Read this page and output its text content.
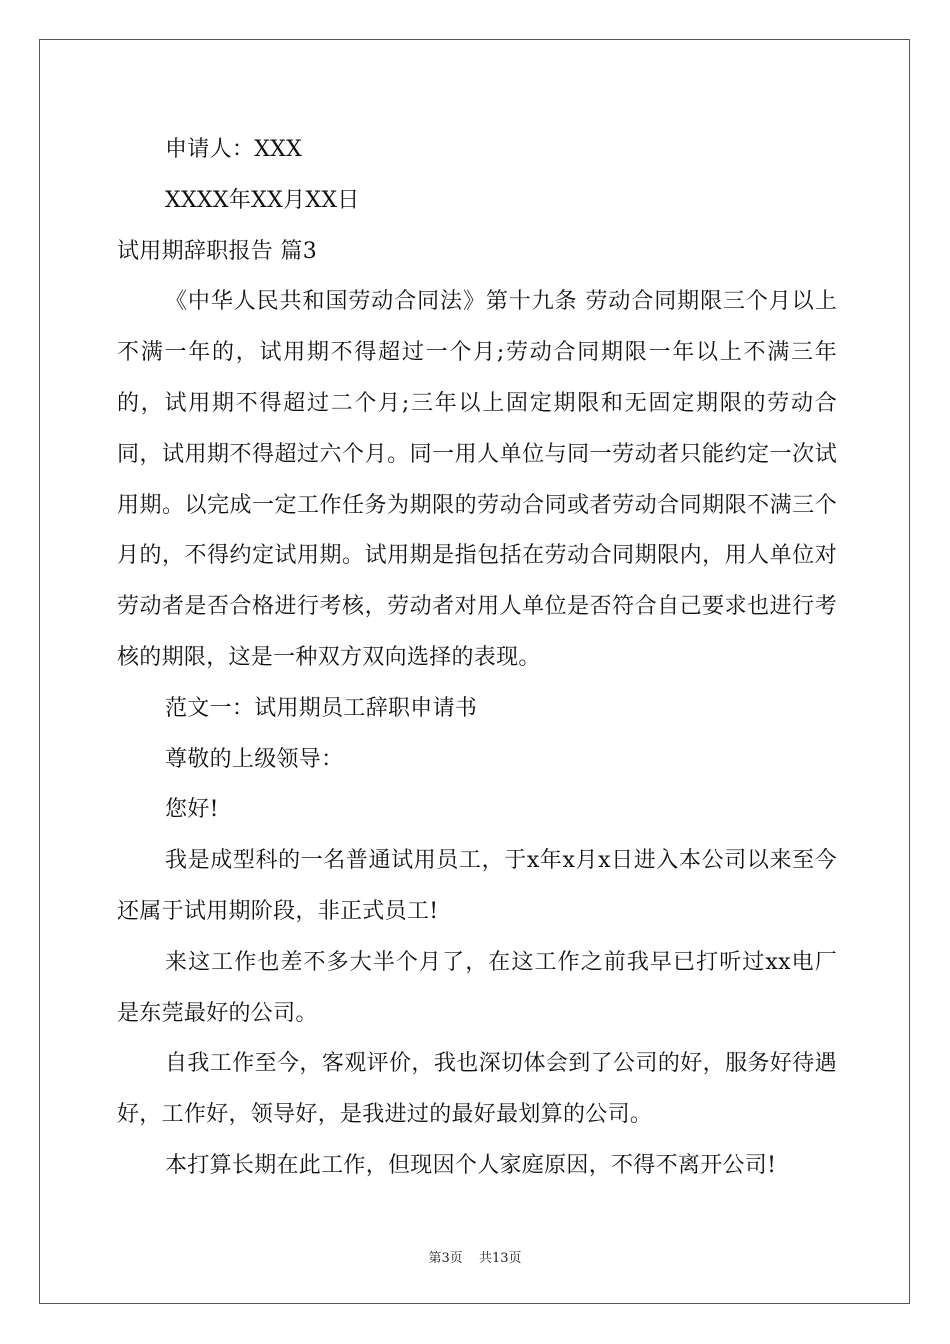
申请人：XXX
XXXX年XX月XX日
试用期辞职报告 篇3
《中华人民共和国劳动合同法》第十九条 劳动合同期限三个月以上不满一年的，试用期不得超过一个月;劳动合同期限一年以上不满三年的，试用期不得超过二个月;三年以上固定期限和无固定期限的劳动合同，试用期不得超过六个月。同一用人单位与同一劳动者只能约定一次试用期。以完成一定工作任务为期限的劳动合同或者劳动合同期限不满三个月的，不得约定试用期。试用期是指包括在劳动合同期限内，用人单位对劳动者是否合格进行考核，劳动者对用人单位是否符合自己要求也进行考核的期限，这是一种双方双向选择的表现。
范文一：试用期员工辞职申请书
尊敬的上级领导：
您好!
我是成型科的一名普通试用员工，于x年x月x日进入本公司以来至今还属于试用期阶段，非正式员工!
来这工作也差不多大半个月了，在这工作之前我早已打听过xx电厂是东莞最好的公司。
自我工作至今，客观评价，我也深切体会到了公司的好，服务好待遇好，工作好，领导好，是我进过的最好最划算的公司。
本打算长期在此工作，但现因个人家庭原因，不得不离开公司!
第3页 共13页
